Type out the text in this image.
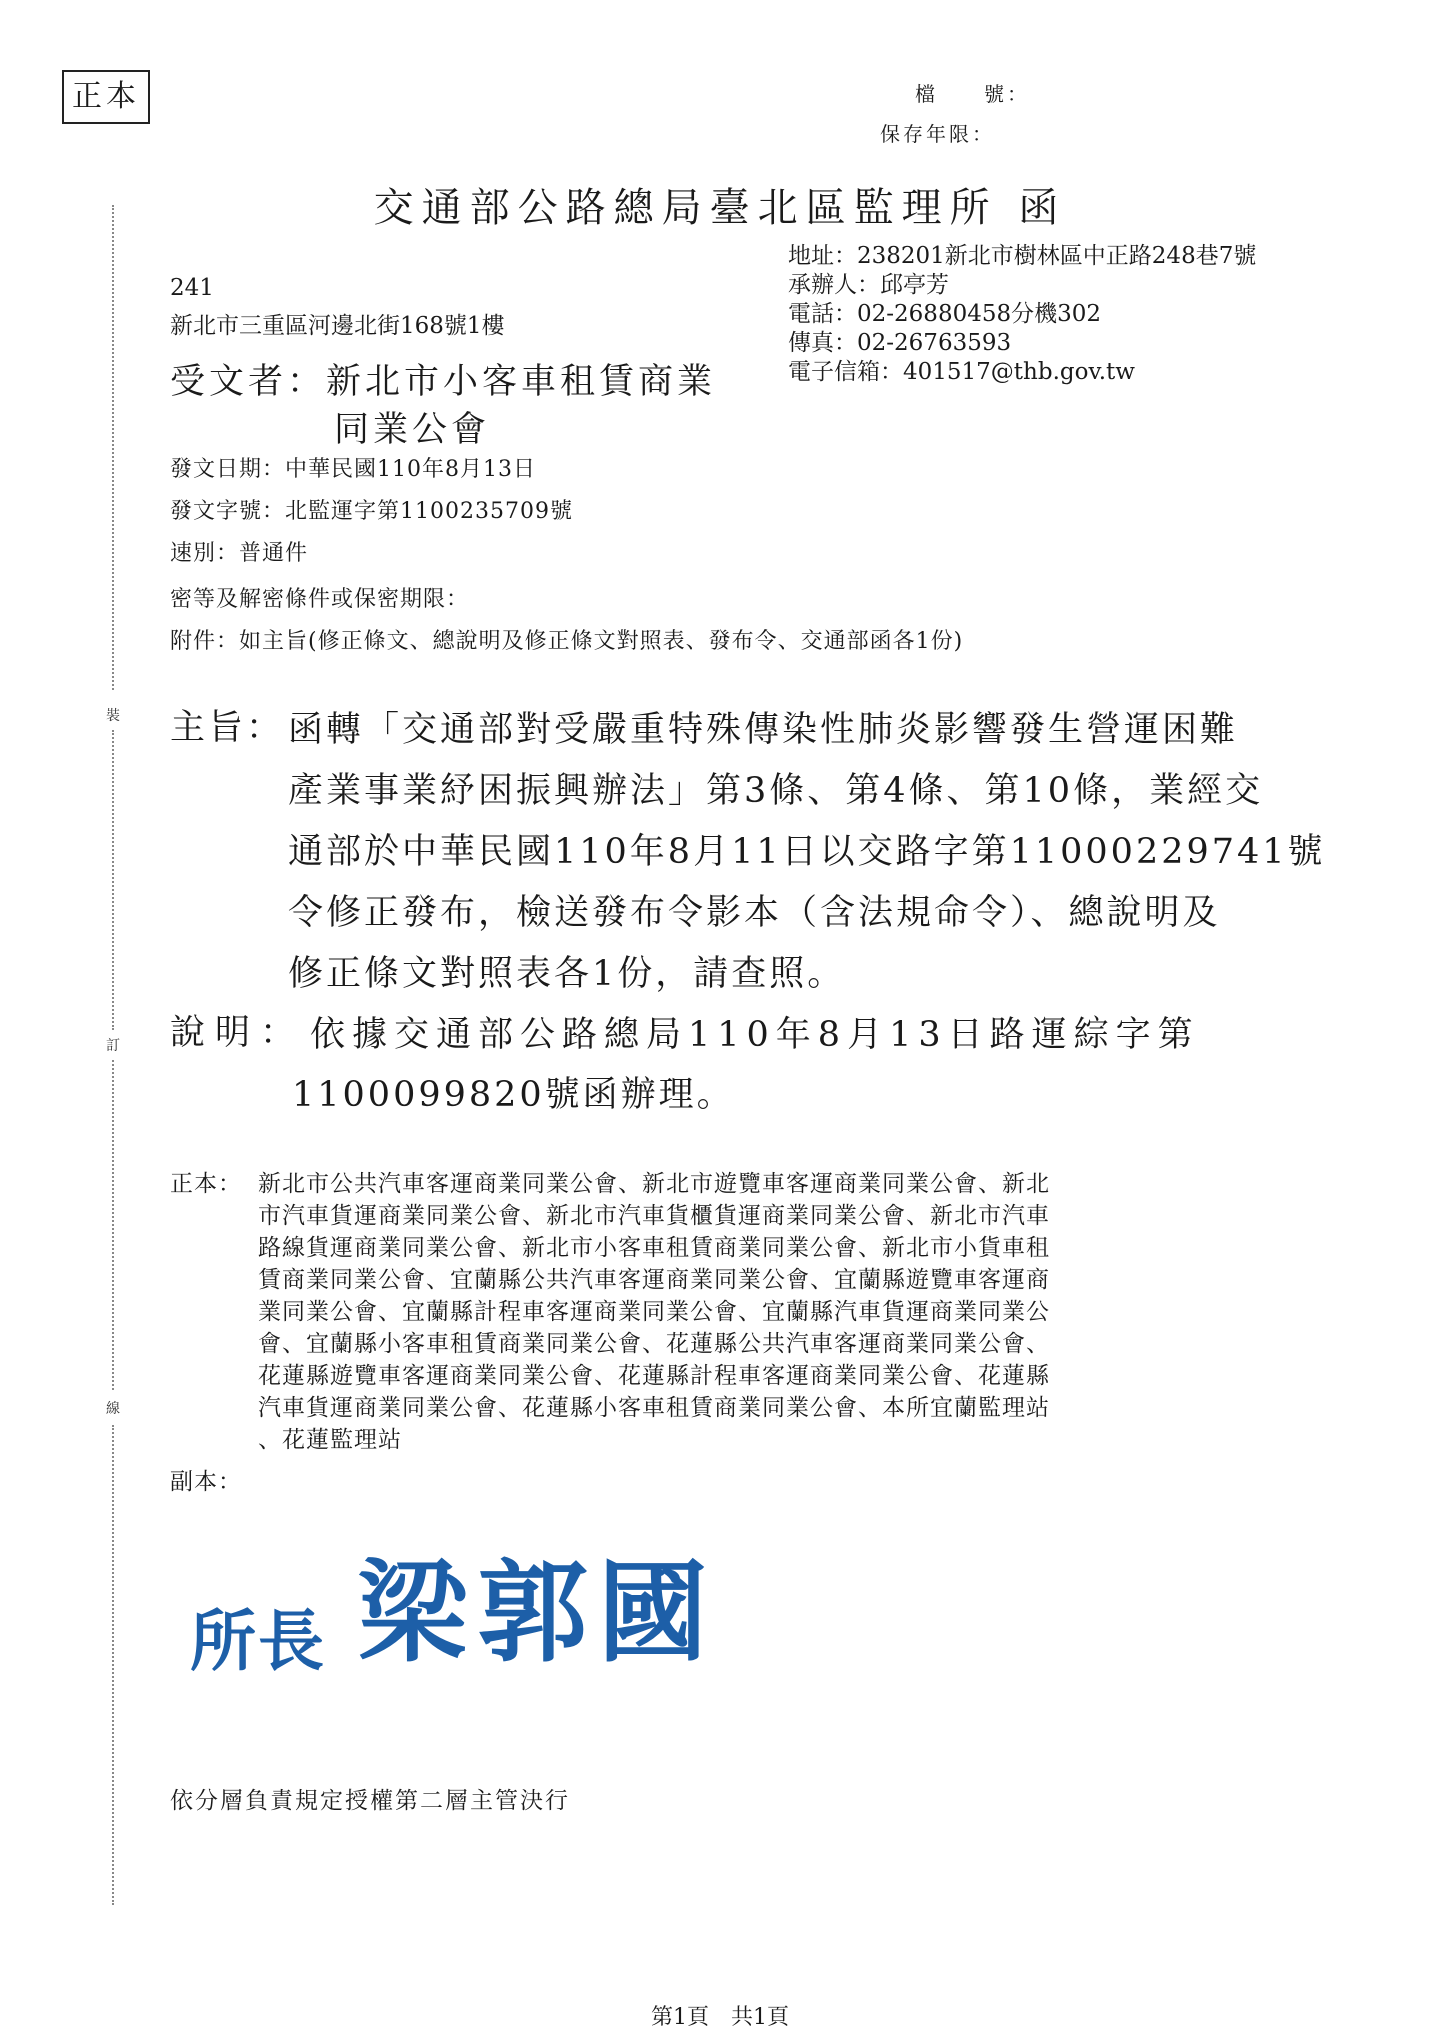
正本	檔　　號：
保存年限：
裝
訂
線
交通部公路總局臺北區監理所 函
地址：238201新北市樹林區中正路248巷7號
承辦人：邱亭芳
電話：02-26880458分機302
傳真：02-26763593
電子信箱：401517@thb.gov.tw
241
新北市三重區河邊北街168號1樓
受文者：新北市小客車租賃商業
同業公會
發文日期：中華民國110年8月13日
發文字號：北監運字第1100235709號
速別：普通件
密等及解密條件或保密期限：
附件：如主旨(修正條文、總說明及修正條文對照表、發布令、交通部函各1份)
主旨： 函轉「交通部對受嚴重特殊傳染性肺炎影響發生營運困難
產業事業紓困振興辦法」第3條、第4條、第10條，業經交
通部於中華民國110年8月11日以交路字第11000229741號
令修正發布，檢送發布令影本（含法規命令）、總說明及
修正條文對照表各1份，請查照。
說明： 依據交通部公路總局110年8月13日路運綜字第
1100099820號函辦理。
正本： 新北市公共汽車客運商業同業公會、新北市遊覽車客運商業同業公會、新北
市汽車貨運商業同業公會、新北市汽車貨櫃貨運商業同業公會、新北市汽車
路線貨運商業同業公會、新北市小客車租賃商業同業公會、新北市小貨車租
賃商業同業公會、宜蘭縣公共汽車客運商業同業公會、宜蘭縣遊覽車客運商
業同業公會、宜蘭縣計程車客運商業同業公會、宜蘭縣汽車貨運商業同業公
會、宜蘭縣小客車租賃商業同業公會、花蓮縣公共汽車客運商業同業公會、
花蓮縣遊覽車客運商業同業公會、花蓮縣計程車客運商業同業公會、花蓮縣
汽車貨運商業同業公會、花蓮縣小客車租賃商業同業公會、本所宜蘭監理站
、花蓮監理站
副本：
所長 梁郭國
依分層負責規定授權第二層主管決行
第1頁　共1頁
